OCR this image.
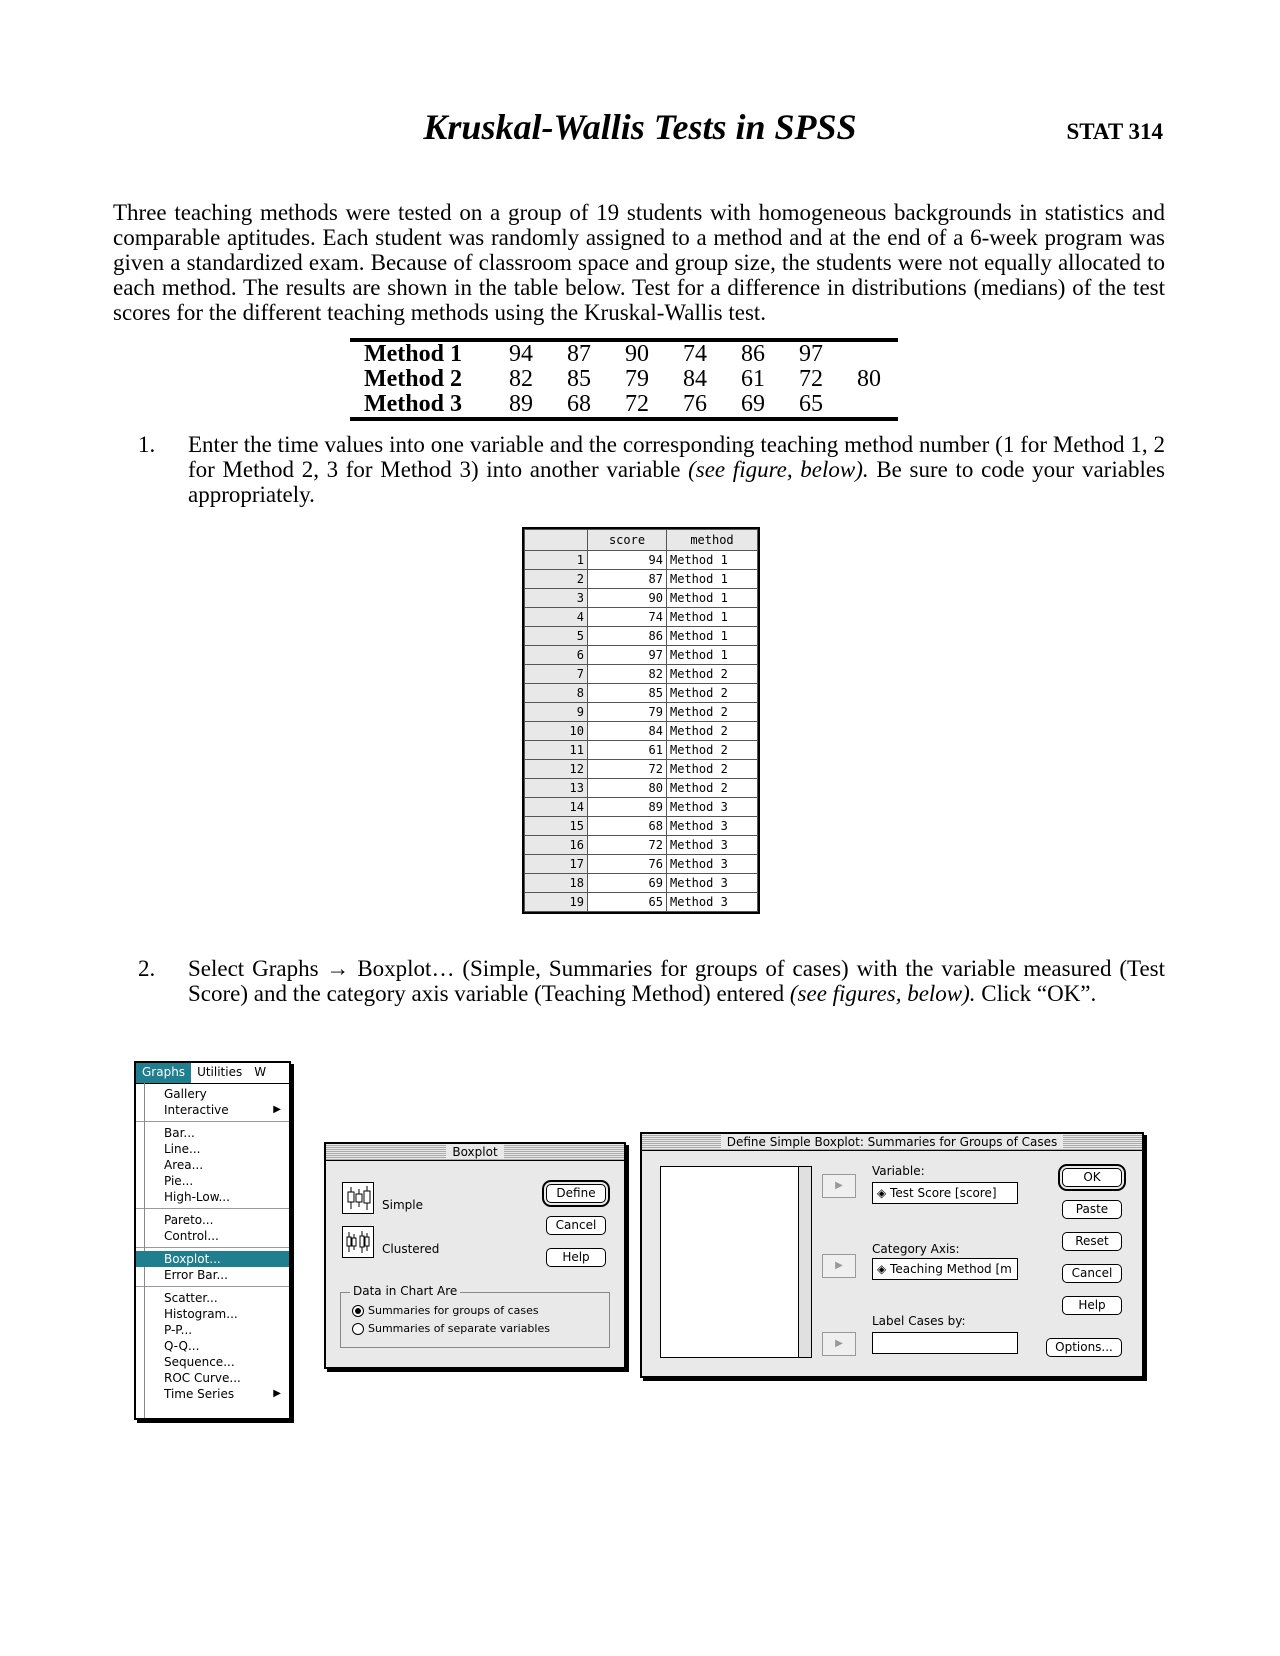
Kruskal-Wallis Tests in SPSS	STAT 314
Three teaching methods were tested on a group of 19 students with homogeneous backgrounds in statistics and comparable aptitudes. Each student was randomly assigned to a method and at the end of a 6-week program was given a standardized exam. Because of classroom space and group size, the students were not equally allocated to each method. The results are shown in the table below. Test for a difference in distributions (medians) of the test scores for the different teaching methods using the Kruskal-Wallis test.
Method 1	94	87	90	74	86	97	
Method 2	82	85	79	84	61	72	80
Method 3	89	68	72	76	69	65	
1. Enter the time values into one variable and the corresponding teaching method number (1 for Method 1, 2 for Method 2, 3 for Method 3) into another variable (see figure, below). Be sure to code your variables appropriately.
	score	method
1	94	Method 1
2	87	Method 1
3	90	Method 1
4	74	Method 1
5	86	Method 1
6	97	Method 1
7	82	Method 2
8	85	Method 2
9	79	Method 2
10	84	Method 2
11	61	Method 2
12	72	Method 2
13	80	Method 2
14	89	Method 3
15	68	Method 3
16	72	Method 3
17	76	Method 3
18	69	Method 3
19	65	Method 3
2. Select Graphs → Boxplot… (Simple, Summaries for groups of cases) with the variable measured (Test Score) and the category axis variable (Teaching Method) entered (see figures, below). Click “OK”.
Graphs	Utilities	W
Gallery
Interactive	▶
Bar...
Line...
Area...
Pie...
High-Low...
Pareto...
Control...
Boxplot...
Error Bar...
Scatter...
Histogram...
P-P...
Q-Q...
Sequence...
ROC Curve...
Time Series	▶
Boxplot
Simple
Clustered
Define
Cancel
Help
Data in Chart Are
Summaries for groups of cases
Summaries of separate variables
Define Simple Boxplot: Summaries for Groups of Cases
▶
▶
▶
Variable:
◈ Test Score [score]
Category Axis:
◈ Teaching Method [m
Label Cases by:
OK
Paste
Reset
Cancel
Help
Options...
